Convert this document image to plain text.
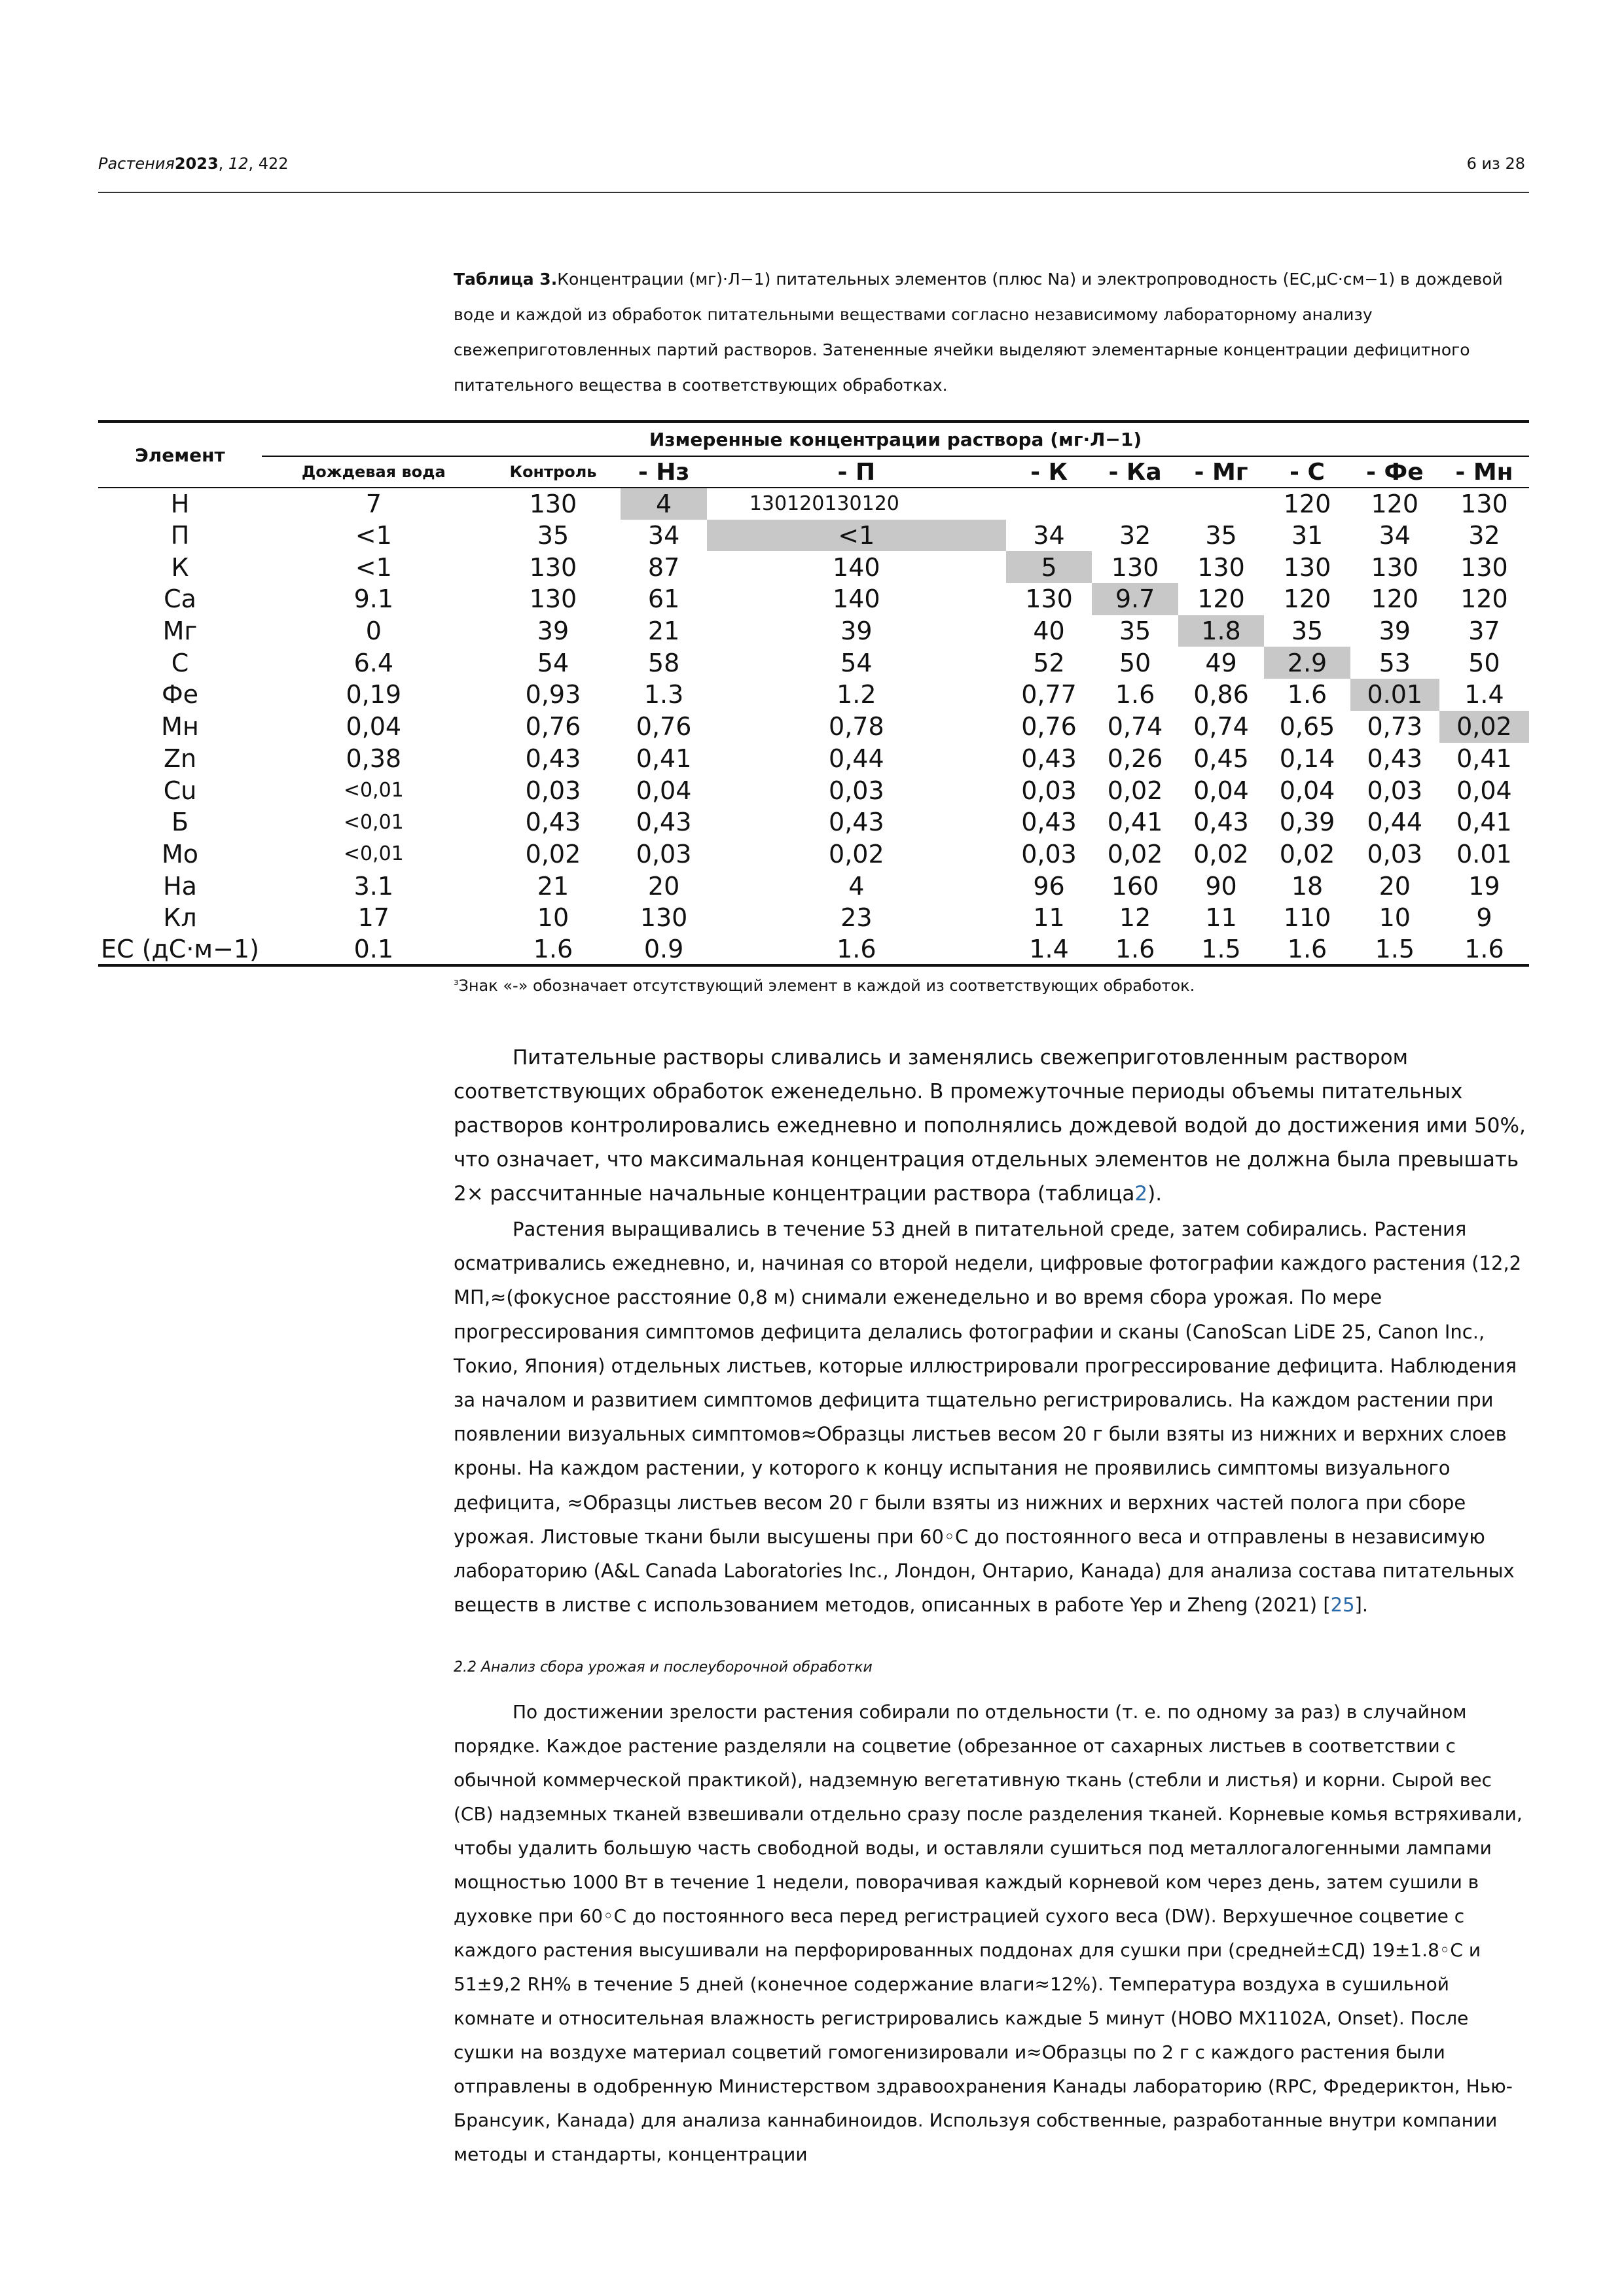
Растения2023, 12, 422	6 из 28
Таблица 3.Концентрации (мг)·Л−1) питательных элементов (плюс Na) и электропроводность (EC,μС·см−1) в дождевой воде и каждой из обработок питательными веществами согласно независимому лабораторному анализу свежеприготовленных партий растворов. Затененные ячейки выделяют элементарные концентрации дефицитного питательного вещества в соответствующих обработках.
Элемент	Измеренные концентрации раствора (мг·Л−1)									
	Дождевая вода	Контроль	- Нз	- П	- К	- Ка	- Мг	- С	- Фе	- Мн
Н	7	130	4	130120130120				120	120	130
П	<1	35	34	<1	34	32	35	31	34	32
К	<1	130	87	140	5	130	130	130	130	130
Ca	9.1	130	61	140	130	9.7	120	120	120	120
Мг	0	39	21	39	40	35	1.8	35	39	37
С	6.4	54	58	54	52	50	49	2.9	53	50
Фе	0,19	0,93	1.3	1.2	0,77	1.6	0,86	1.6	0.01	1.4
Мн	0,04	0,76	0,76	0,78	0,76	0,74	0,74	0,65	0,73	0,02
Zn	0,38	0,43	0,41	0,44	0,43	0,26	0,45	0,14	0,43	0,41
Cu	<0,01	0,03	0,04	0,03	0,03	0,02	0,04	0,04	0,03	0,04
Б	<0,01	0,43	0,43	0,43	0,43	0,41	0,43	0,39	0,44	0,41
Мо	<0,01	0,02	0,03	0,02	0,03	0,02	0,02	0,02	0,03	0.01
На	3.1	21	20	4	96	160	90	18	20	19
Кл	17	10	130	23	11	12	11	110	10	9
ЕС (дС·м−1)	0.1	1.6	0.9	1.6	1.4	1.6	1.5	1.6	1.5	1.6
$^з$Знак «-» обозначает отсутствующий элемент в каждой из соответствующих обработок.
Питательные растворы сливались и заменялись свежеприготовленным раствором соответствующих обработок еженедельно. В промежуточные периоды объемы питательных растворов контролировались ежедневно и пополнялись дождевой водой до достижения ими 50%, что означает, что максимальная концентрация отдельных элементов не должна была превышать 2× рассчитанные начальные концентрации раствора (таблица2).
Растения выращивались в течение 53 дней в питательной среде, затем собирались. Растения осматривались ежедневно, и, начиная со второй недели, цифровые фотографии каждого растения (12,2 МП,≈(фокусное расстояние 0,8 м) снимали еженедельно и во время сбора урожая. По мере прогрессирования симптомов дефицита делались фотографии и сканы (CanoScan LiDE 25, Canon Inc., Токио, Япония) отдельных листьев, которые иллюстрировали прогрессирование дефицита. Наблюдения за началом и развитием симптомов дефицита тщательно регистрировались. На каждом растении при появлении визуальных симптомов≈Образцы листьев весом 20 г были взяты из нижних и верхних слоев кроны. На каждом растении, у которого к концу испытания не проявились симптомы визуального дефицита, ≈Образцы листьев весом 20 г были взяты из нижних и верхних частей полога при сборе урожая. Листовые ткани были высушены при 60◦С до постоянного веса и отправлены в независимую лабораторию (A&L Canada Laboratories Inc., Лондон, Онтарио, Канада) для анализа состава питательных веществ в листве с использованием методов, описанных в работе Yep и Zheng (2021) [25].
2.2 Анализ сбора урожая и послеуборочной обработки
По достижении зрелости растения собирали по отдельности (т. е. по одному за раз) в случайном порядке. Каждое растение разделяли на соцветие (обрезанное от сахарных листьев в соответствии с обычной коммерческой практикой), надземную вегетативную ткань (стебли и листья) и корни. Сырой вес (СВ) надземных тканей взвешивали отдельно сразу после разделения тканей. Корневые комья встряхивали, чтобы удалить большую часть свободной воды, и оставляли сушиться под металлогалогенными лампами мощностью 1000 Вт в течение 1 недели, поворачивая каждый корневой ком через день, затем сушили в духовке при 60◦С до постоянного веса перед регистрацией сухого веса (DW). Верхушечное соцветие с каждого растения высушивали на перфорированных поддонах для сушки при (средней±СД) 19±1.8◦С и 51±9,2 RH% в течение 5 дней (конечное содержание влаги≈12%). Температура воздуха в сушильной комнате и относительная влажность регистрировались каждые 5 минут (HOBO MX1102A, Onset). После сушки на воздухе материал соцветий гомогенизировали и≈Образцы по 2 г с каждого растения были отправлены в одобренную Министерством здравоохранения Канады лабораторию (RPC, Фредериктон, Нью-Брансуик, Канада) для анализа каннабиноидов. Используя собственные, разработанные внутри компании методы и стандарты, концентрации
